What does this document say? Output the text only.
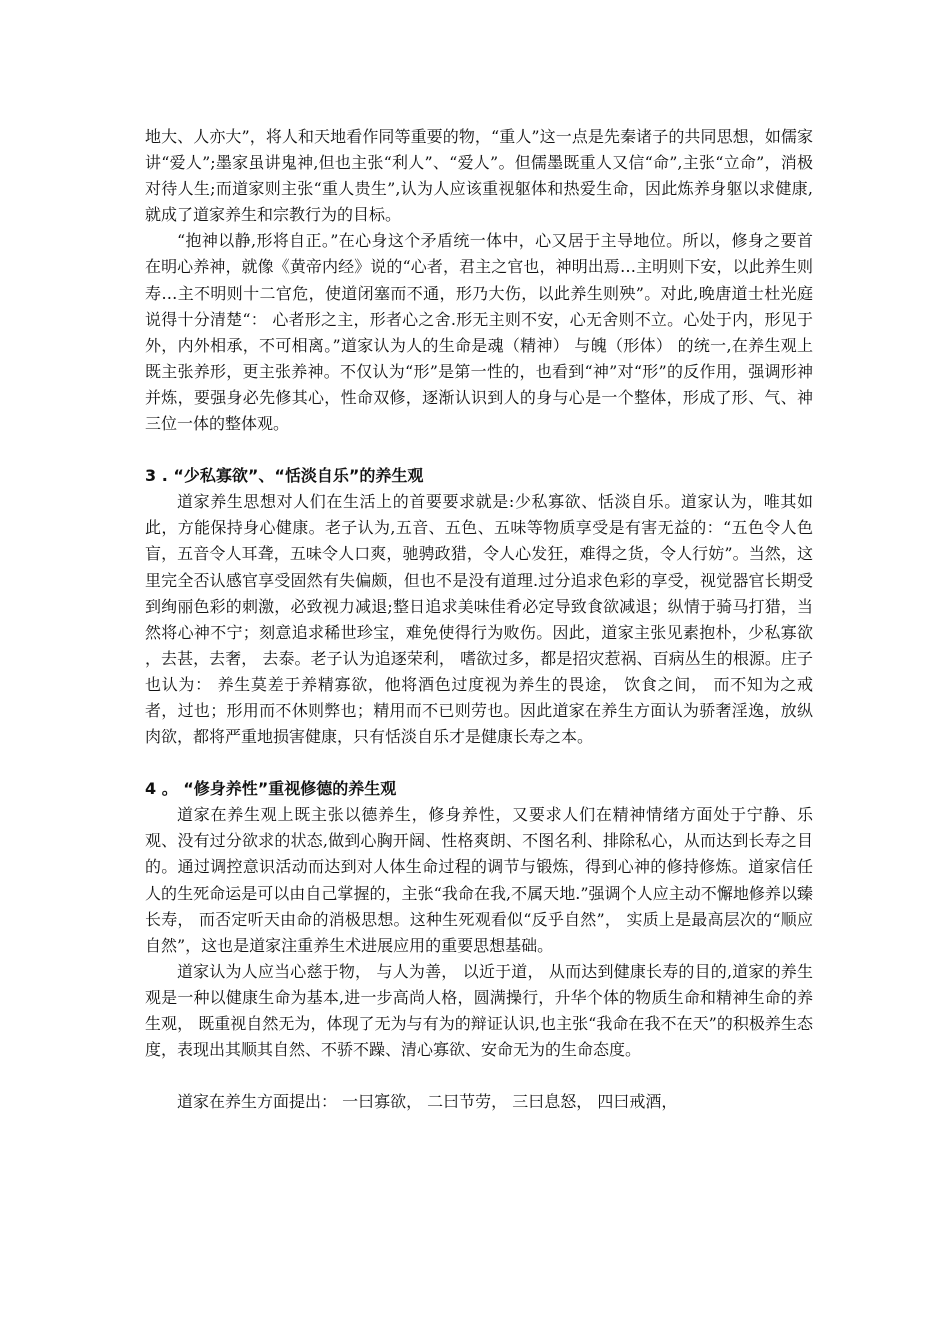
地大、人亦大”，将人和天地看作同等重要的物，“重人”这一点是先秦诸子的共同思想，如儒家讲“爱人”;墨家虽讲鬼神,但也主张“利人”、“爱人”。但儒墨既重人又信“命”,主张“立命”，消极对待人生;而道家则主张“重人贵生”,认为人应该重视躯体和热爱生命，因此炼养身躯以求健康,就成了道家养生和宗教行为的目标。

“抱神以静,形将自正。”在心身这个矛盾统一体中，心又居于主导地位。所以，修身之要首在明心养神，就像《黄帝内经》说的“心者，君主之官也，神明出焉…主明则下安，以此养生则寿…主不明则十二官危，使道闭塞而不通，形乃大伤，以此养生则殃”。对此,晚唐道士杜光庭说得十分清楚“： 心者形之主，形者心之舍.形无主则不安，心无舍则不立。心处于内，形见于外，内外相承，不可相离。”道家认为人的生命是魂（精神） 与魄（形体） 的统一,在养生观上既主张养形，更主张养神。不仅认为“形”是第一性的，也看到“神”对“形”的反作用，强调形神并炼，要强身必先修其心，性命双修，逐渐认识到人的身与心是一个整体，形成了形、气、神三位一体的整体观。

3 . “少私寡欲”、“恬淡自乐”的养生观

道家养生思想对人们在生活上的首要要求就是:少私寡欲、恬淡自乐。道家认为，唯其如此，方能保持身心健康。老子认为,五音、五色、五味等物质享受是有害无益的：“五色令人色盲，五音令人耳聋，五味令人口爽，驰骋政猎，令人心发狂，难得之货，令人行妨”。当然，这里完全否认感官享受固然有失偏颇，但也不是没有道理.过分追求色彩的享受，视觉器官长期受到绚丽色彩的刺激，必致视力减退;整日追求美味佳肴必定导致食欲减退；纵情于骑马打猎，当然将心神不宁；刻意追求稀世珍宝，难免使得行为败伤。因此，道家主张见素抱朴，少私寡欲 ，去甚，去奢， 去泰。老子认为追逐荣利， 嗜欲过多，都是招灾惹祸、百病丛生的根源。庄子也认为： 养生莫差于养精寡欲，他将酒色过度视为养生的畏途， 饮食之间， 而不知为之戒者，过也；形用而不休则弊也；精用而不已则劳也。因此道家在养生方面认为骄奢淫逸，放纵肉欲，都将严重地损害健康，只有恬淡自乐才是健康长寿之本。

4 。 “修身养性”重视修德的养生观

道家在养生观上既主张以德养生，修身养性，又要求人们在精神情绪方面处于宁静、乐观、没有过分欲求的状态,做到心胸开阔、性格爽朗、不图名利、排除私心，从而达到长寿之目的。通过调控意识活动而达到对人体生命过程的调节与锻炼，得到心神的修持修炼。道家信任人的生死命运是可以由自己掌握的，主张“我命在我,不属天地.”强调个人应主动不懈地修养以臻长寿， 而否定听天由命的消极思想。这种生死观看似“反乎自然”， 实质上是最高层次的“顺应自然”，这也是道家注重养生术进展应用的重要思想基础。

道家认为人应当心慈于物， 与人为善， 以近于道， 从而达到健康长寿的目的,道家的养生观是一种以健康生命为基本,进一步高尚人格，圆满操行，升华个体的物质生命和精神生命的养生观， 既重视自然无为，体现了无为与有为的辩证认识,也主张“我命在我不在天”的积极养生态度，表现出其顺其自然、不骄不躁、清心寡欲、安命无为的生命态度。

道家在养生方面提出： 一曰寡欲， 二曰节劳， 三曰息怒， 四曰戒酒，
